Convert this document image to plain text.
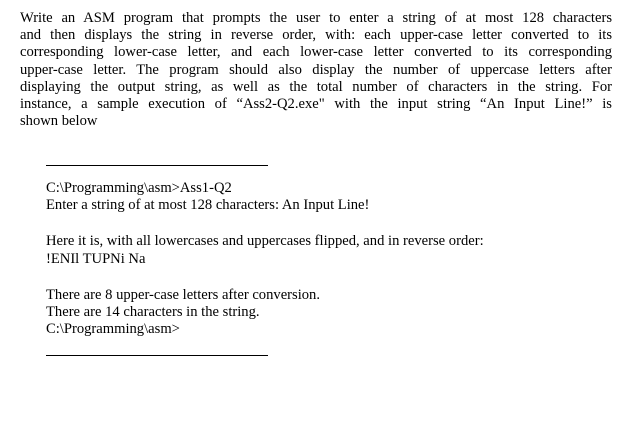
Write an ASM program that prompts the user to enter a string of at most 128 characters
and then displays the string in reverse order, with: each upper-case letter converted to its
corresponding lower-case letter, and each lower-case letter converted to its corresponding
upper-case letter. The program should also display the number of uppercase letters after
displaying the output string, as well as the total number of characters in the string. For
instance, a sample execution of “Ass2-Q2.exe" with the input string “An Input Line!” is
shown below
C:\Programming\asm>Ass1-Q2
Enter a string of at most 128 characters: An Input Line!
Here it is, with all lowercases and uppercases flipped, and in reverse order:
!ENIl TUPNi Na
There are 8 upper-case letters after conversion.
There are 14 characters in the string.
C:\Programming\asm>
